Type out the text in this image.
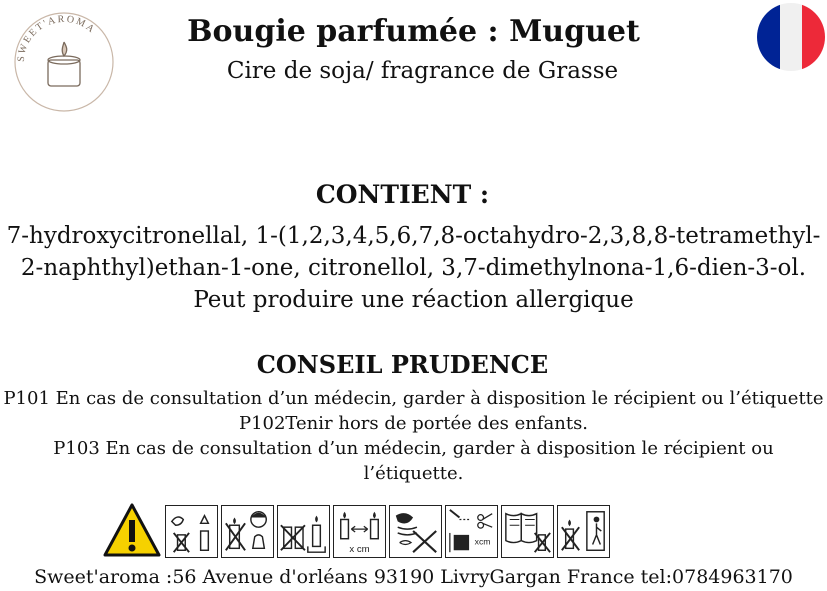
SWEET'AROMA	Bougie parfumée : Muguet
Cire de soja/ fragrance de Grasse
CONTIENT :
7-hydroxycitronellal, 1-(1,2,3,4,5,6,7,8-octahydro-2,3,8,8-tetramethyl-
2-naphthyl)ethan-1-one, citronellol, 3,7-dimethylnona-1,6-dien-3-ol.
Peut produire une réaction allergique
CONSEIL PRUDENCE
P101 En cas de consultation d’un médecin, garder à disposition le récipient ou l’étiquette
P102Tenir hors de portée des enfants.
P103 En cas de consultation d’un médecin, garder à disposition le récipient ou
l’étiquette.
x cm
xcm
Sweet'aroma :56 Avenue d'orléans 93190 LivryGargan France tel:0784963170
